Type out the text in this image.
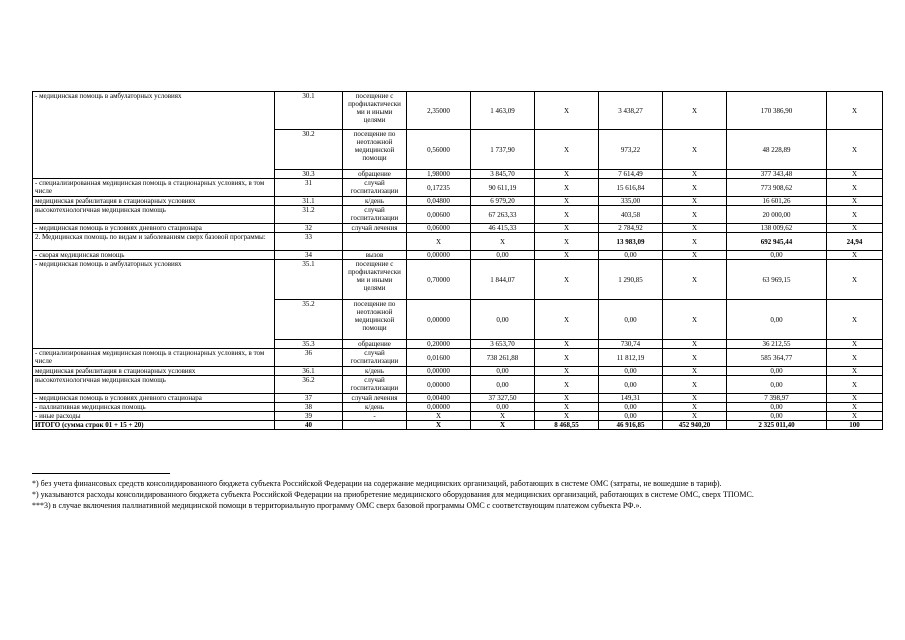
- медицинская помощь в амбулаторных условиях	30.1	посещение с профилактически ми и иными целями	2,35000	1 463,09	X	3 438,27	X	170 386,90	X
	30.2	посещение по неотложной медицинской помощи	0,56000	1 737,90	X	973,22	X	48 228,89	X
	30.3	обращение	1,98000	3 845,70	X	7 614,49	X	377 343,48	X
- специализированная медицинская помощь в стационарных условиях, в том числе	31	случай госпитализации	0,17235	90 611,19	X	15 616,84	X	773 908,62	X
медицинская реабилитация в стационарных условиях	31.1	к/день	0,04800	6 979,20	X	335,00	X	16 601,26	X
высокотехнологичная медицинская помощь	31.2	случай госпитализации	0,00600	67 263,33	X	403,58	X	20 000,00	X
- медицинская помощь в условиях дневного стационара	32	случай лечения	0,06000	46 415,33	X	2 784,92	X	138 009,62	X
2. Медицинская помощь по видам и заболеваниям сверх базовой программы:	33		X	X	X	13 983,09	X	692 945,44	24,94
- скорая медицинская помощь	34	вызов	0,00000	0,00	X	0,00	X	0,00	X
- медицинская помощь в амбулаторных условиях	35.1	посещение с профилактически ми и иными целями	0,70000	1 844,07	X	1 290,85	X	63 969,15	X
	35.2	посещение по неотложной медицинской помощи	0,00000	0,00	X	0,00	X	0,00	X
	35.3	обращение	0,20000	3 653,70	X	730,74	X	36 212,55	X
- специализированная медицинская помощь в стационарных условиях, в том числе	36	случай госпитализации	0,01600	738 261,88	X	11 812,19	X	585 364,77	X
медицинская реабилитация в стационарных условиях	36.1	к/день	0,00000	0,00	X	0,00	X	0,00	X
высокотехнологичная медицинская помощь	36.2	случай госпитализации	0,00000	0,00	X	0,00	X	0,00	X
- медицинская помощь в условиях дневного стационара	37	случай лечения	0,00400	37 327,50	X	149,31	X	7 398,97	X
- паллиативная медицинская помощь	38	к/день	0,00000	0,00	X	0,00	X	0,00	X
- иные расходы	39	-	X	X	X	0,00	X	0,00	X
ИТОГО (сумма строк 01 + 15 + 20)	40		X	X	8 468,55	46 916,85	452 940,20	2 325 011,40	100

*) без учета финансовых средств консолидированного бюджета субъекта Российской Федерации на содержание медицинских организаций, работающих в системе ОМС (затраты, не вошедшие в тариф).

*) указываются расходы консолидированного бюджета субъекта Российской Федерации на приобретение медицинского оборудования для медицинских организаций, работающих в системе ОМС, сверх ТПОМС.

***3) в случае включения паллиативной медицинской помощи в территориальную программу ОМС сверх базовой программы ОМС с соответствующим платежом субъекта РФ.».
